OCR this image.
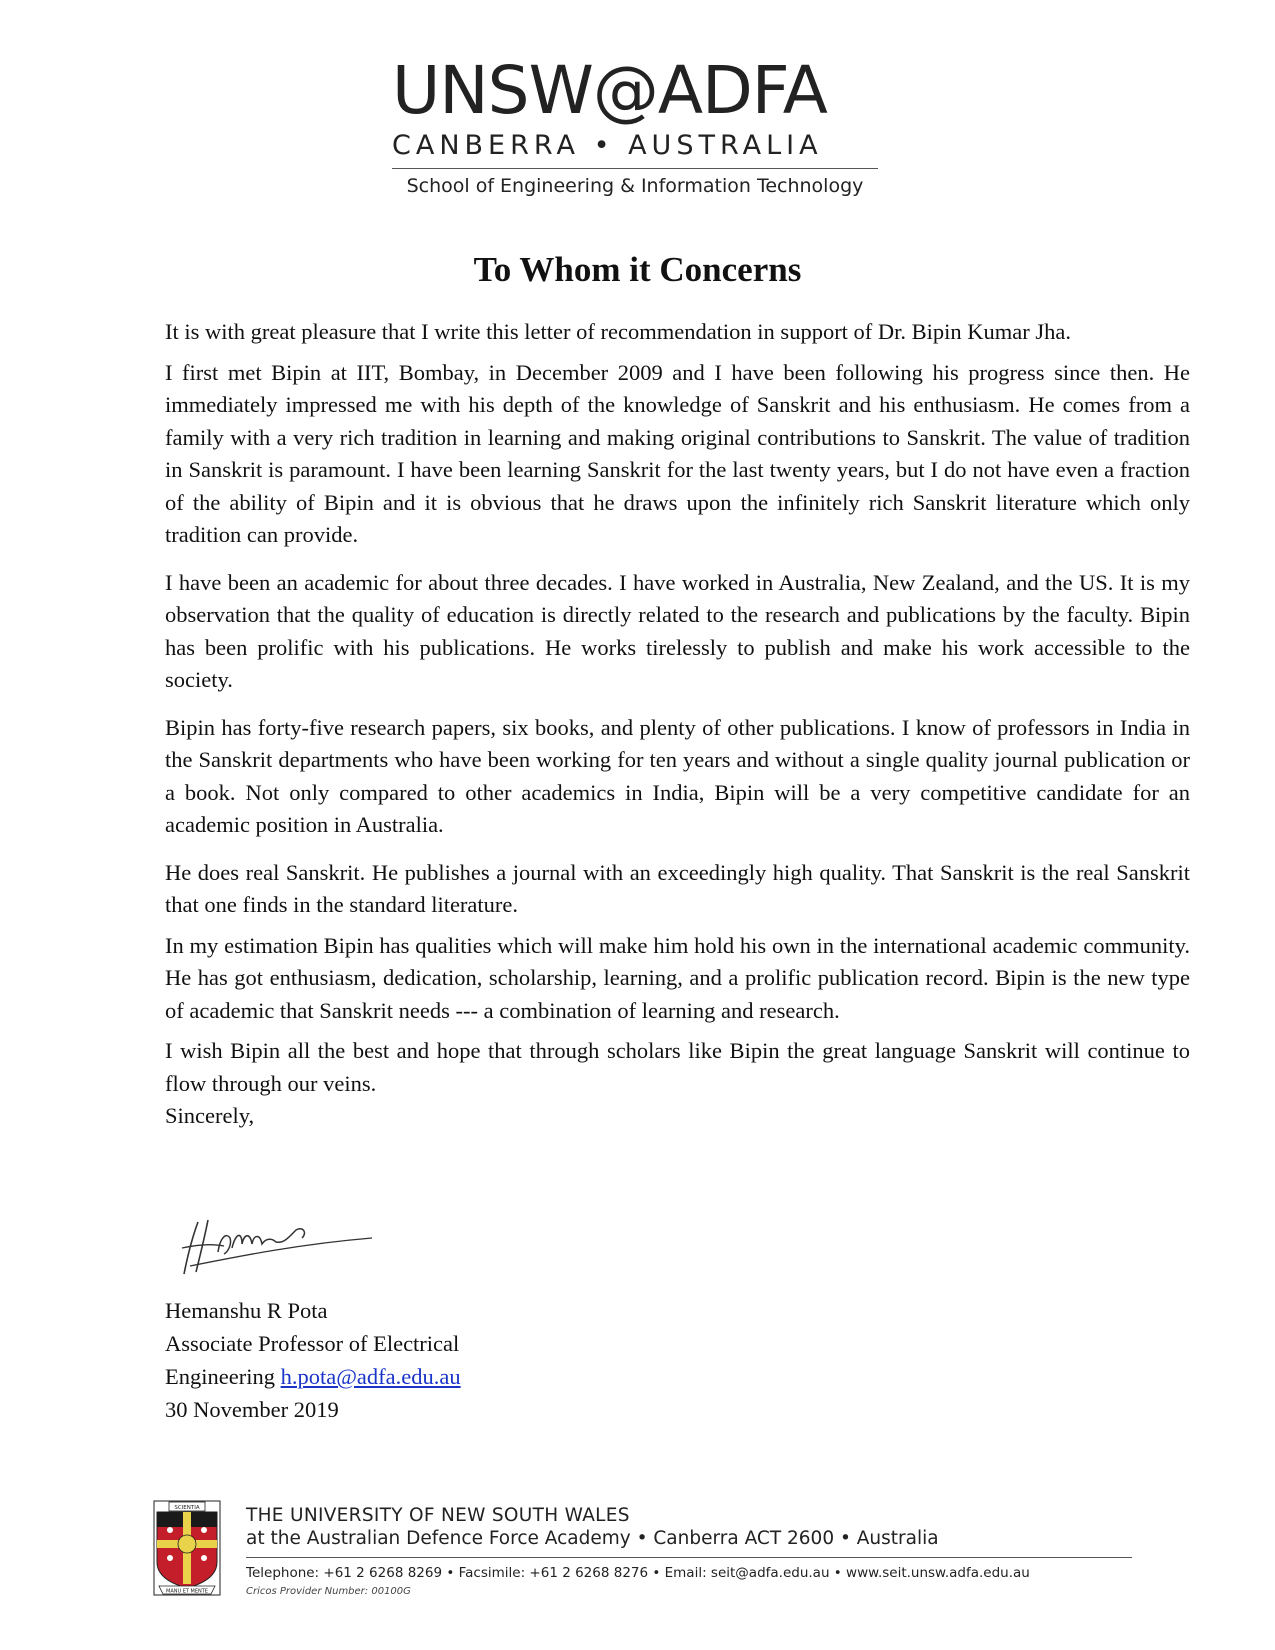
UNSW@ADFA
CANBERRA • AUSTRALIA
School of Engineering & Information Technology
To Whom it Concerns

It is with great pleasure that I write this letter of recommendation in support of Dr. Bipin Kumar Jha.

I first met Bipin at IIT, Bombay, in December 2009 and I have been following his progress since then. He immediately impressed me with his depth of the knowledge of Sanskrit and his enthusiasm. He comes from a family with a very rich tradition in learning and making original contributions to Sanskrit. The value of tradition in Sanskrit is paramount. I have been learning Sanskrit for the last twenty years, but I do not have even a fraction of the ability of Bipin and it is obvious that he draws upon the infinitely rich Sanskrit literature which only tradition can provide.

I have been an academic for about three decades. I have worked in Australia, New Zealand, and the US. It is my observation that the quality of education is directly related to the research and publications by the faculty. Bipin has been prolific with his publications. He works tirelessly to publish and make his work accessible to the society.

Bipin has forty-five research papers, six books, and plenty of other publications. I know of professors in India in the Sanskrit departments who have been working for ten years and without a single quality journal publication or a book. Not only compared to other academics in India, Bipin will be a very competitive candidate for an academic position in Australia.

He does real Sanskrit. He publishes a journal with an exceedingly high quality. That Sanskrit is the real Sanskrit that one finds in the standard literature.

In my estimation Bipin has qualities which will make him hold his own in the international academic community. He has got enthusiasm, dedication, scholarship, learning, and a prolific publication record. Bipin is the new type of academic that Sanskrit needs --- a combination of learning and research.

I wish Bipin all the best and hope that through scholars like Bipin the great language Sanskrit will continue to flow through our veins.

Sincerely,

Hemanshu R Pota
Associate Professor of Electrical
Engineering h.pota@adfa.edu.au
30 November 2019
SCIENTIA
MANU ET MENTE
THE UNIVERSITY OF NEW SOUTH WALES
at the Australian Defence Force Academy • Canberra ACT 2600 • Australia
Telephone: +61 2 6268 8269 • Facsimile: +61 2 6268 8276 • Email: seit@adfa.edu.au • www.seit.unsw.adfa.edu.au
Cricos Provider Number: 00100G
